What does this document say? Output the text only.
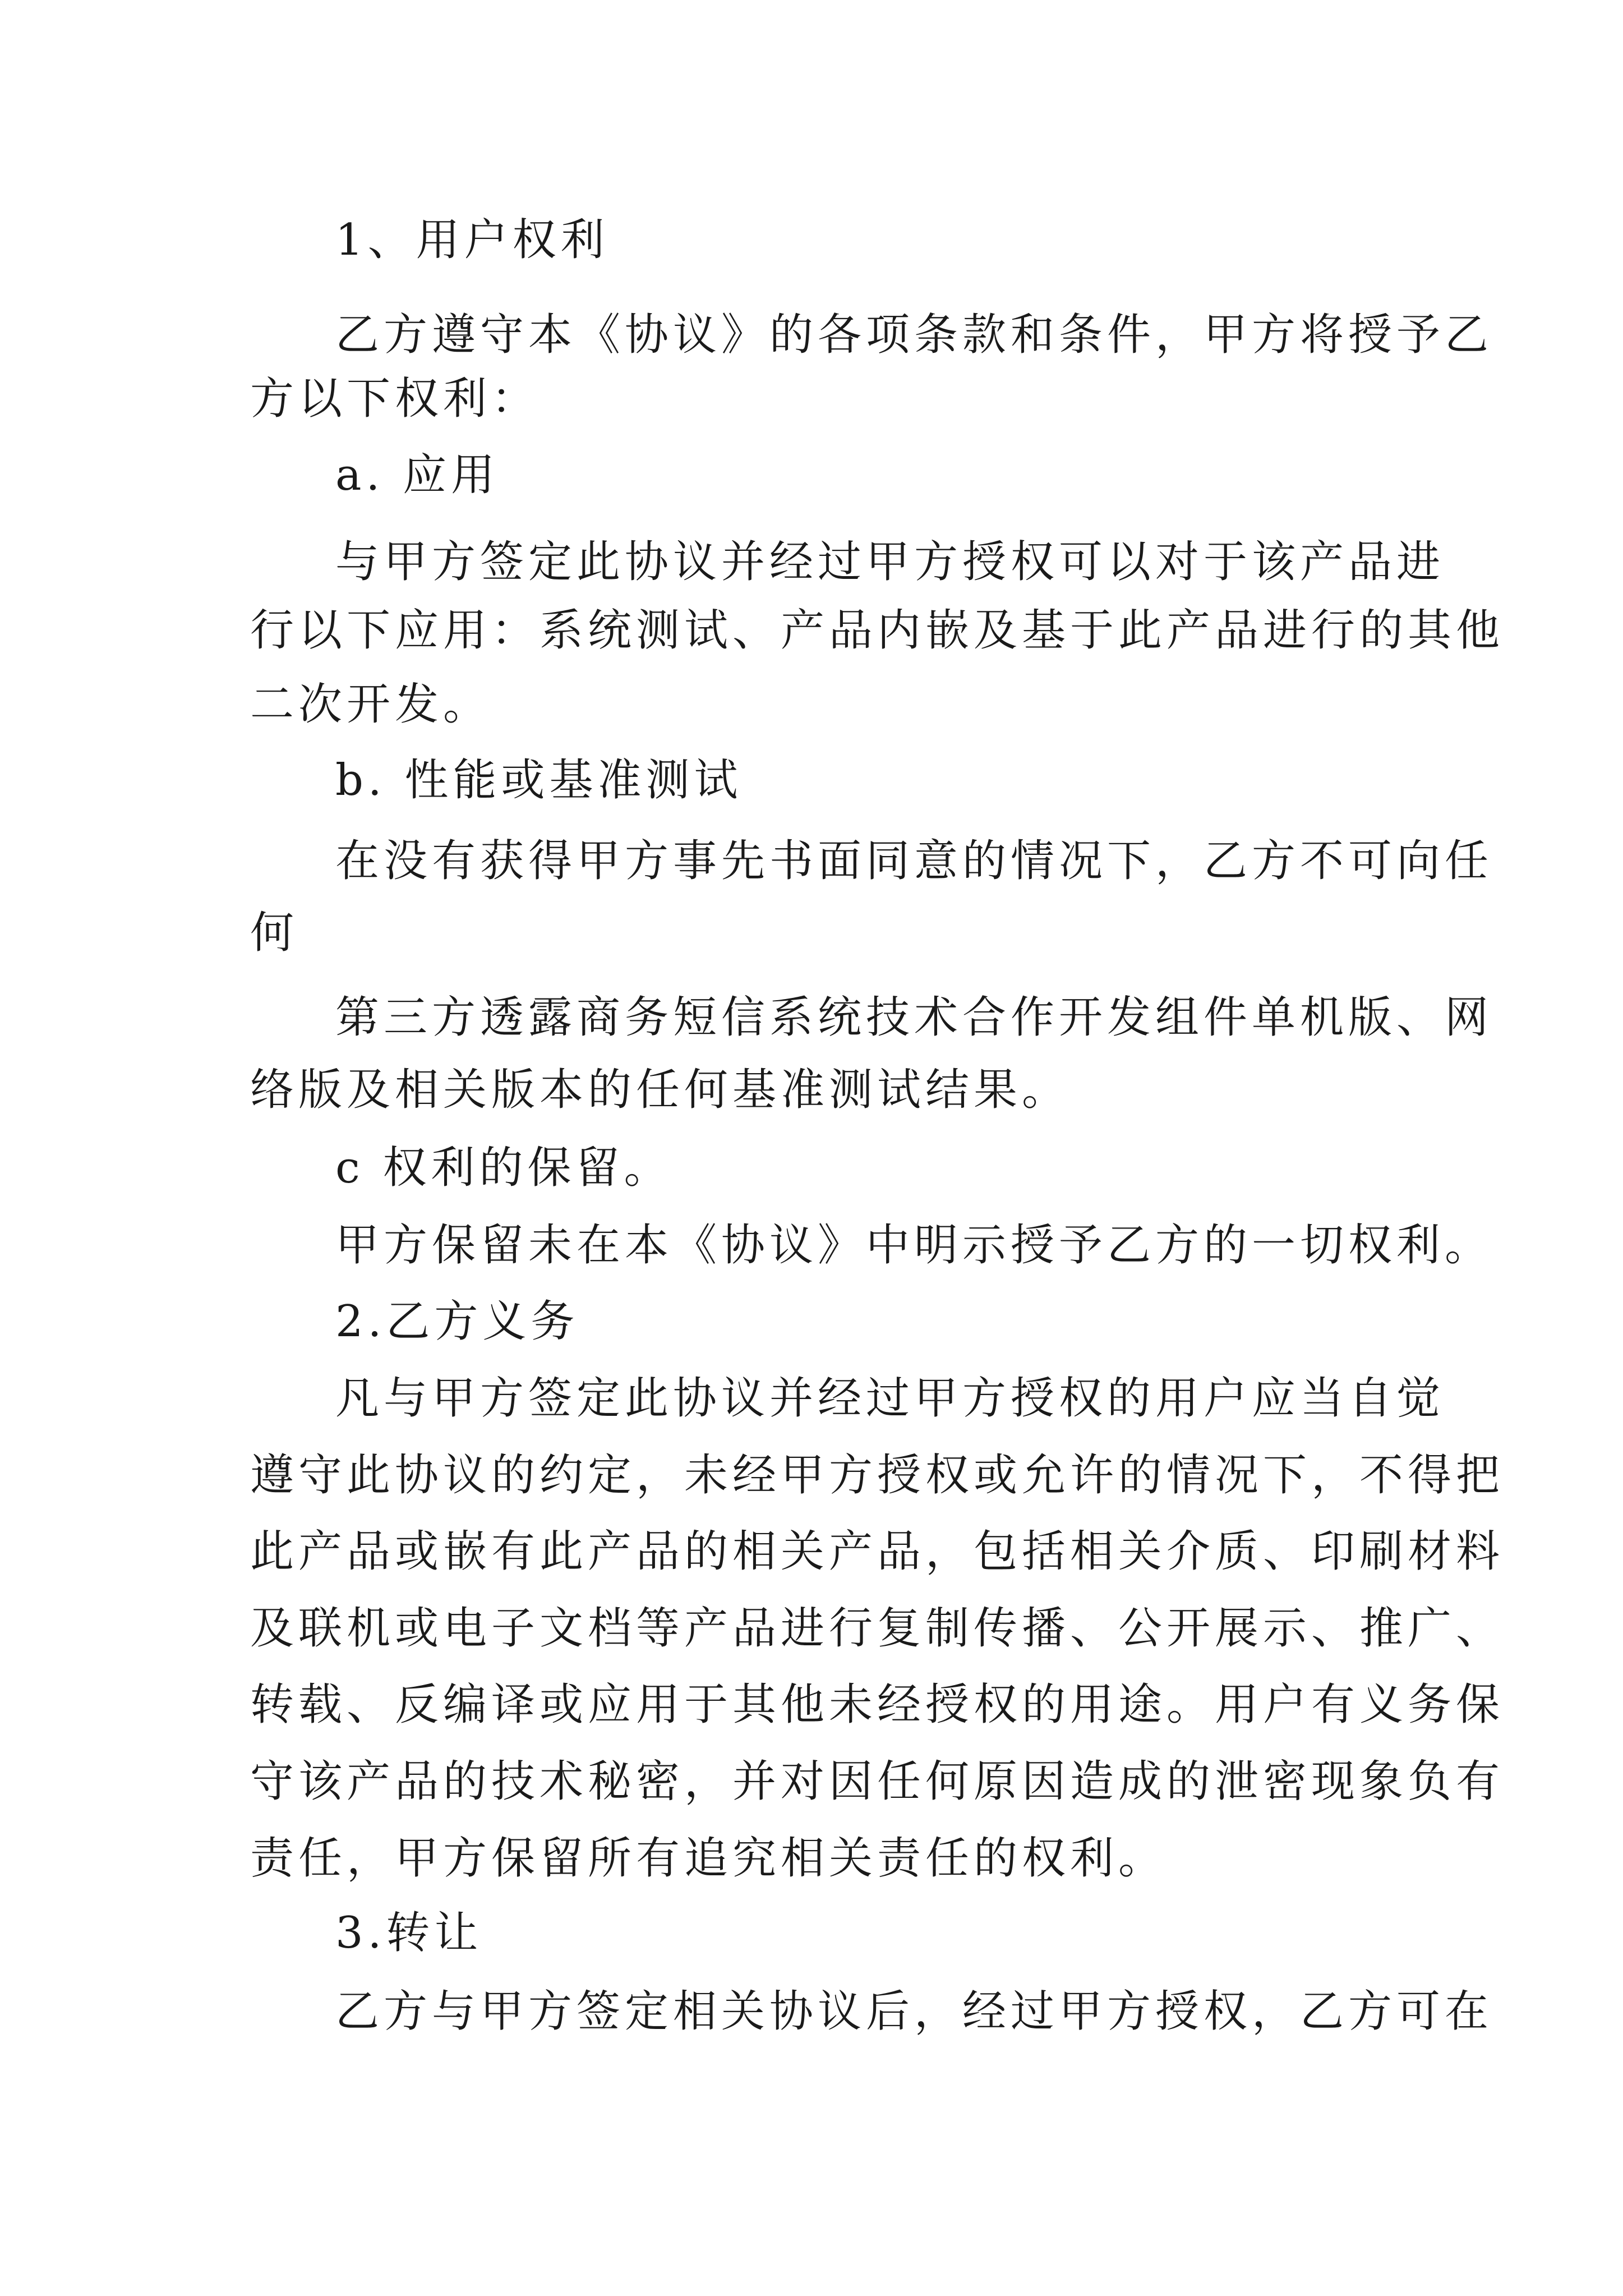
1、用户权利

乙方遵守本《协议》的各项条款和条件，甲方将授予乙

方以下权利：

a. 应用

与甲方签定此协议并经过甲方授权可以对于该产品进

行以下应用：系统测试、产品内嵌及基于此产品进行的其他

二次开发。

b. 性能或基准测试

在没有获得甲方事先书面同意的情况下，乙方不可向任

何

第三方透露商务短信系统技术合作开发组件单机版、网

络版及相关版本的任何基准测试结果。

c 权利的保留。

甲方保留未在本《协议》中明示授予乙方的一切权利。

2.乙方义务

凡与甲方签定此协议并经过甲方授权的用户应当自觉

遵守此协议的约定，未经甲方授权或允许的情况下，不得把

此产品或嵌有此产品的相关产品，包括相关介质、印刷材料

及联机或电子文档等产品进行复制传播、公开展示、推广、

转载、反编译或应用于其他未经授权的用途。用户有义务保

守该产品的技术秘密，并对因任何原因造成的泄密现象负有

责任，甲方保留所有追究相关责任的权利。

3.转让

乙方与甲方签定相关协议后，经过甲方授权，乙方可在
